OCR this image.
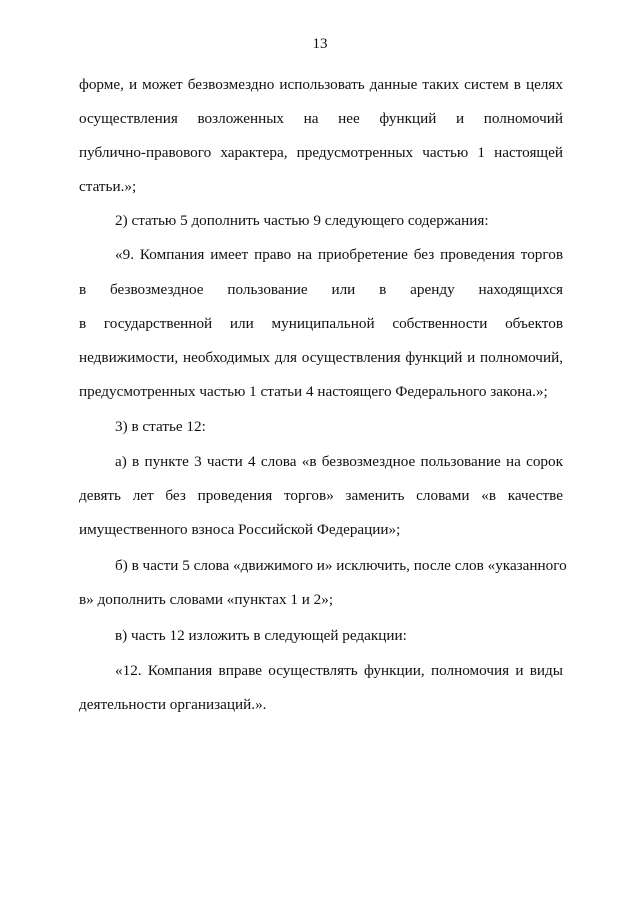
13
форме, и может безвозмездно использовать данные таких систем в целях
осуществления возложенных на нее функций и полномочий
публично-правового характера, предусмотренных частью 1 настоящей
статьи.»;
2) статью 5 дополнить частью 9 следующего содержания:
«9. Компания имеет право на приобретение без проведения торгов
в безвозмездное пользование или в аренду находящихся
в государственной или муниципальной собственности объектов
недвижимости, необходимых для осуществления функций и полномочий,
предусмотренных частью 1 статьи 4 настоящего Федерального закона.»;
3) в статье 12:
а) в пункте 3 части 4 слова «в безвозмездное пользование на сорок
девять лет без проведения торгов» заменить словами «в качестве
имущественного взноса Российской Федерации»;
б) в части 5 слова «движимого и» исключить, после слов «указанного
в» дополнить словами «пунктах 1 и 2»;
в) часть 12 изложить в следующей редакции:
«12. Компания вправе осуществлять функции, полномочия и виды
деятельности организаций.».
